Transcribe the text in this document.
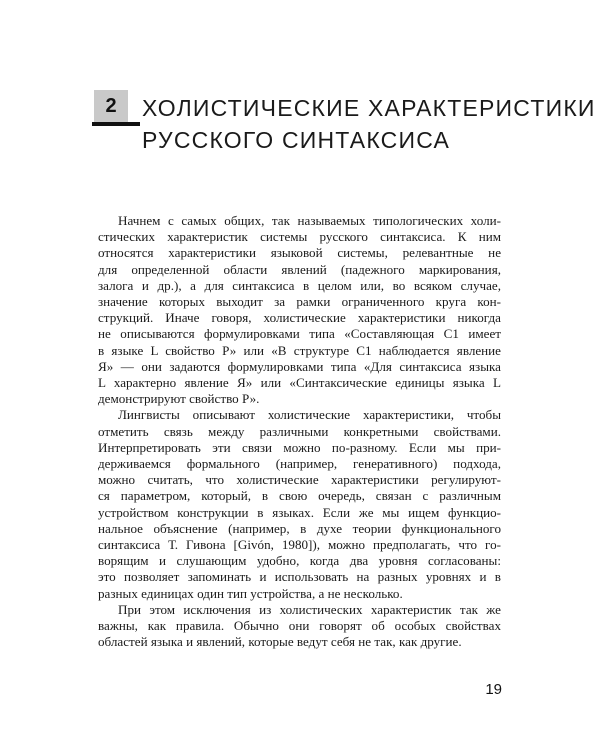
2	ХОЛИСТИЧЕСКИЕ ХАРАКТЕРИСТИКИ
РУССКОГО СИНТАКСИСА
Начнем с самых общих, так называемых типологических холи-
стических характеристик системы русского синтаксиса. К ним
относятся характеристики языковой системы, релевантные не
для определенной области явлений (падежного маркирования,
залога и др.), а для синтаксиса в целом или, во всяком случае,
значение которых выходит за рамки ограниченного круга кон-
струкций. Иначе говоря, холистические характеристики никогда
не описываются формулировками типа «Составляющая С1 имеет
в языке L свойство Р» или «В структуре С1 наблюдается явление
Я» — они задаются формулировками типа «Для синтаксиса языка
L характерно явление Я» или «Синтаксические единицы языка L
демонстрируют свойство Р».
Лингвисты описывают холистические характеристики, чтобы
отметить связь между различными конкретными свойствами.
Интерпретировать эти связи можно по-разному. Если мы при-
держиваемся формального (например, генеративного) подхода,
можно считать, что холистические характеристики регулируют-
ся параметром, который, в свою очередь, связан с различным
устройством конструкции в языках. Если же мы ищем функцио-
нальное объяснение (например, в духе теории функционального
синтаксиса Т. Гивона [Givón, 1980]), можно предполагать, что го-
ворящим и слушающим удобно, когда два уровня согласованы:
это позволяет запоминать и использовать на разных уровнях и в
разных единицах один тип устройства, а не несколько.
При этом исключения из холистических характеристик так же
важны, как правила. Обычно они говорят об особых свойствах
областей языка и явлений, которые ведут себя не так, как другие.
19
